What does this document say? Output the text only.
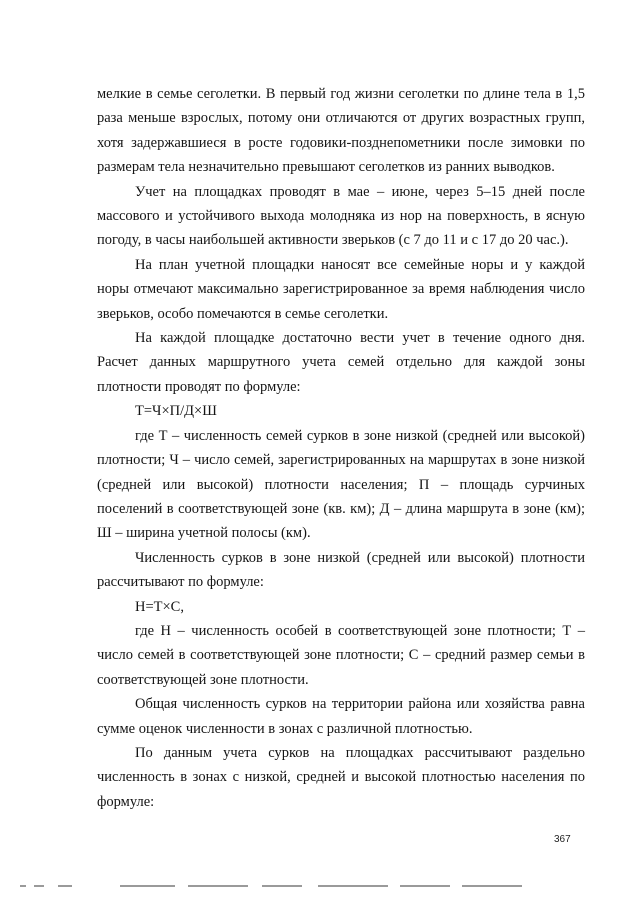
мелкие в семье сеголетки. В первый год жизни сеголетки по длине тела в 1,5 раза меньше взрослых, потому они отличаются от других возрастных групп, хотя задержавшиеся в росте годовики-позднепометники после зимовки по размерам тела незначительно превышают сеголетков из ранних выводков.

Учет на площадках проводят в мае – июне, через 5–15 дней после массового и устойчивого выхода молодняка из нор на поверхность, в ясную погоду, в часы наибольшей активности зверьков (с 7 до 11 и с 17 до 20 час.).

На план учетной площадки наносят все семейные норы и у каждой норы отмечают максимально зарегистрированное за время наблюдения число зверьков, особо помечаются в семье сеголетки.

На каждой площадке достаточно вести учет в течение одного дня. Расчет данных маршрутного учета семей отдельно для каждой зоны плотности проводят по формуле:

Т=Ч×П/Д×Ш

где Т – численность семей сурков в зоне низкой (средней или высокой) плотности; Ч – число семей, зарегистрированных на маршрутах в зоне низкой (средней или высокой) плотности населения; П – площадь сурчиных поселений в соответствующей зоне (кв. км); Д – длина маршрута в зоне (км); Ш – ширина учетной полосы (км).

Численность сурков в зоне низкой (средней или высокой) плотности рассчитывают по формуле:

Н=Т×С,

где Н – численность особей в соответствующей зоне плотности; Т – число семей в соответствующей зоне плотности; С – средний размер семьи в соответствующей зоне плотности.

Общая численность сурков на территории района или хозяйства равна сумме оценок численности в зонах с различной плотностью.

По данным учета сурков на площадках рассчитывают раздельно численность в зонах с низкой, средней и высокой плотностью населения по формуле:

367
